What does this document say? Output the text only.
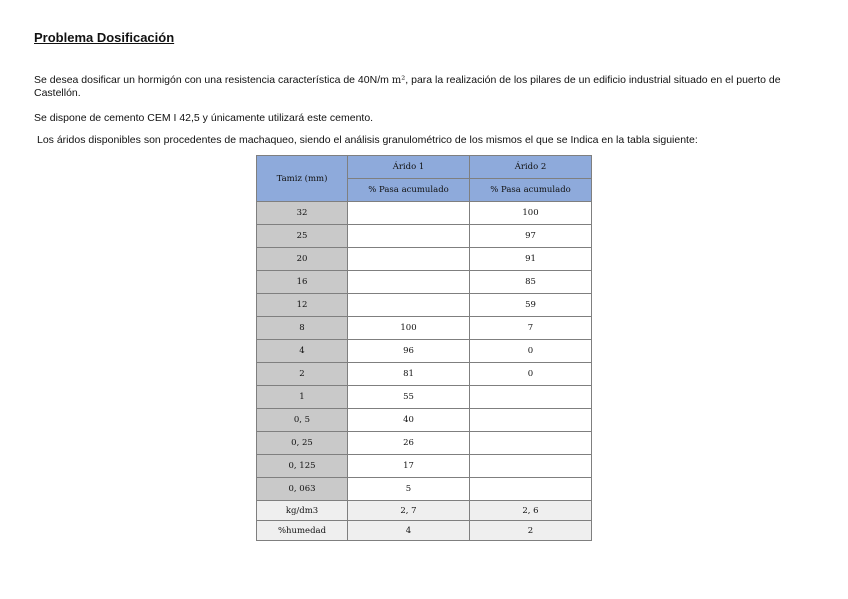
Problema Dosificación
Se desea dosificar un hormigón con una resistencia característica de 40N/m m², para la realización de los pilares de un edificio industrial situado en el puerto de Castellón.
Se dispone de cemento CEM I 42,5 y únicamente utilizará este cemento.
Los áridos disponibles son procedentes de machaqueo, siendo el análisis granulométrico de los mismos el que se Indica en la tabla siguiente:
Tamiz (mm)	Árido 1	Árido 2
	% Pasa acumulado	% Pasa acumulado
32		100
25		97
20		91
16		85
12		59
8	100	7
4	96	0
2	81	0
1	55	
0, 5	40	
0, 25	26	
0, 125	17	
0, 063	5	
kg/dm3	2, 7	2, 6
%humedad	4	2
